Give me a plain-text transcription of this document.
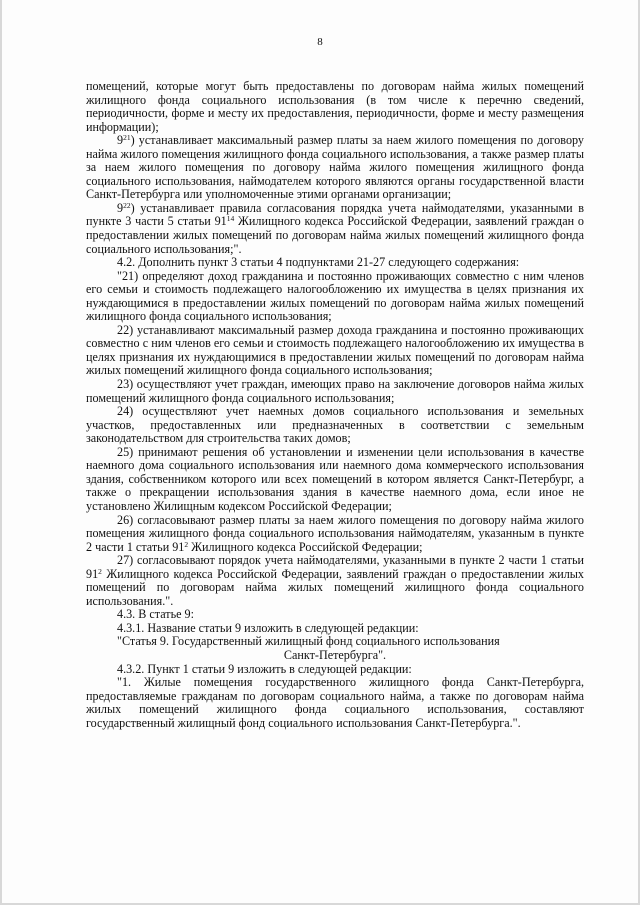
8

помещений, которые могут быть предоставлены по договорам найма жилых помещений жилищного фонда социального использования (в том числе к перечню сведений, периодичности, форме и месту их предоставления, периодичности, форме и месту размещения информации);

$9^{21}$) устанавливает максимальный размер платы за наем жилого помещения по договору найма жилого помещения жилищного фонда социального использования, а также размер платы за наем жилого помещения по договору найма жилого помещения жилищного фонда социального использования, наймодателем которого являются органы государственной власти Санкт-Петербурга или уполномоченные этими органами организации;

$9^{22}$) устанавливает правила согласования порядка учета наймодателями, указанными в пункте 3 части 5 статьи $91^{14}$ Жилищного кодекса Российской Федерации, заявлений граждан о предоставлении жилых помещений по договорам найма жилых помещений жилищного фонда социального использования;".

4.2. Дополнить пункт 3 статьи 4 подпунктами 21-27 следующего содержания:

"21) определяют доход гражданина и постоянно проживающих совместно с ним членов его семьи и стоимость подлежащего налогообложению их имущества в целях признания их нуждающимися в предоставлении жилых помещений по договорам найма жилых помещений жилищного фонда социального использования;

22) устанавливают максимальный размер дохода гражданина и постоянно проживающих совместно с ним членов его семьи и стоимость подлежащего налогообложению их имущества в целях признания их нуждающимися в предоставлении жилых помещений по договорам найма жилых помещений жилищного фонда социального использования;

23) осуществляют учет граждан, имеющих право на заключение договоров найма жилых помещений жилищного фонда социального использования;

24) осуществляют учет наемных домов социального использования и земельных участков, предоставленных или предназначенных в соответствии с земельным законодательством для строительства таких домов;

25) принимают решения об установлении и изменении цели использования в качестве наемного дома социального использования или наемного дома коммерческого использования здания, собственником которого или всех помещений в котором является Санкт-Петербург, а также о прекращении использования здания в качестве наемного дома, если иное не установлено Жилищным кодексом Российской Федерации;

26) согласовывают размер платы за наем жилого помещения по договору найма жилого помещения жилищного фонда социального использования наймодателям, указанным в пункте 2 части 1 статьи $91^2$ Жилищного кодекса Российской Федерации;

27) согласовывают порядок учета наймодателями, указанными в пункте 2 части 1 статьи $91^2$ Жилищного кодекса Российской Федерации, заявлений граждан о предоставлении жилых помещений по договорам найма жилых помещений жилищного фонда социального использования.".

4.3. В статье 9:

4.3.1. Название статьи 9 изложить в следующей редакции:

"Статья 9. Государственный жилищный фонд социального использования

Санкт-Петербурга".

4.3.2. Пункт 1 статьи 9 изложить в следующей редакции:

"1. Жилые помещения государственного жилищного фонда Санкт-Петербурга, предоставляемые гражданам по договорам социального найма, а также по договорам найма жилых помещений жилищного фонда социального использования, составляют государственный жилищный фонд социального использования Санкт-Петербурга.".
